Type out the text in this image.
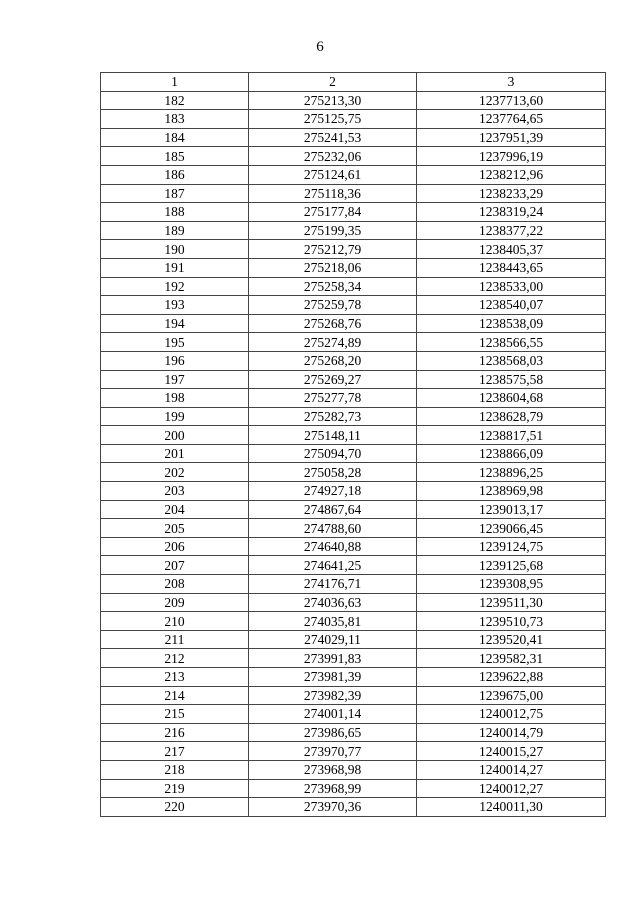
6
1	2	3
182	275213,30	1237713,60
183	275125,75	1237764,65
184	275241,53	1237951,39
185	275232,06	1237996,19
186	275124,61	1238212,96
187	275118,36	1238233,29
188	275177,84	1238319,24
189	275199,35	1238377,22
190	275212,79	1238405,37
191	275218,06	1238443,65
192	275258,34	1238533,00
193	275259,78	1238540,07
194	275268,76	1238538,09
195	275274,89	1238566,55
196	275268,20	1238568,03
197	275269,27	1238575,58
198	275277,78	1238604,68
199	275282,73	1238628,79
200	275148,11	1238817,51
201	275094,70	1238866,09
202	275058,28	1238896,25
203	274927,18	1238969,98
204	274867,64	1239013,17
205	274788,60	1239066,45
206	274640,88	1239124,75
207	274641,25	1239125,68
208	274176,71	1239308,95
209	274036,63	1239511,30
210	274035,81	1239510,73
211	274029,11	1239520,41
212	273991,83	1239582,31
213	273981,39	1239622,88
214	273982,39	1239675,00
215	274001,14	1240012,75
216	273986,65	1240014,79
217	273970,77	1240015,27
218	273968,98	1240014,27
219	273968,99	1240012,27
220	273970,36	1240011,30
